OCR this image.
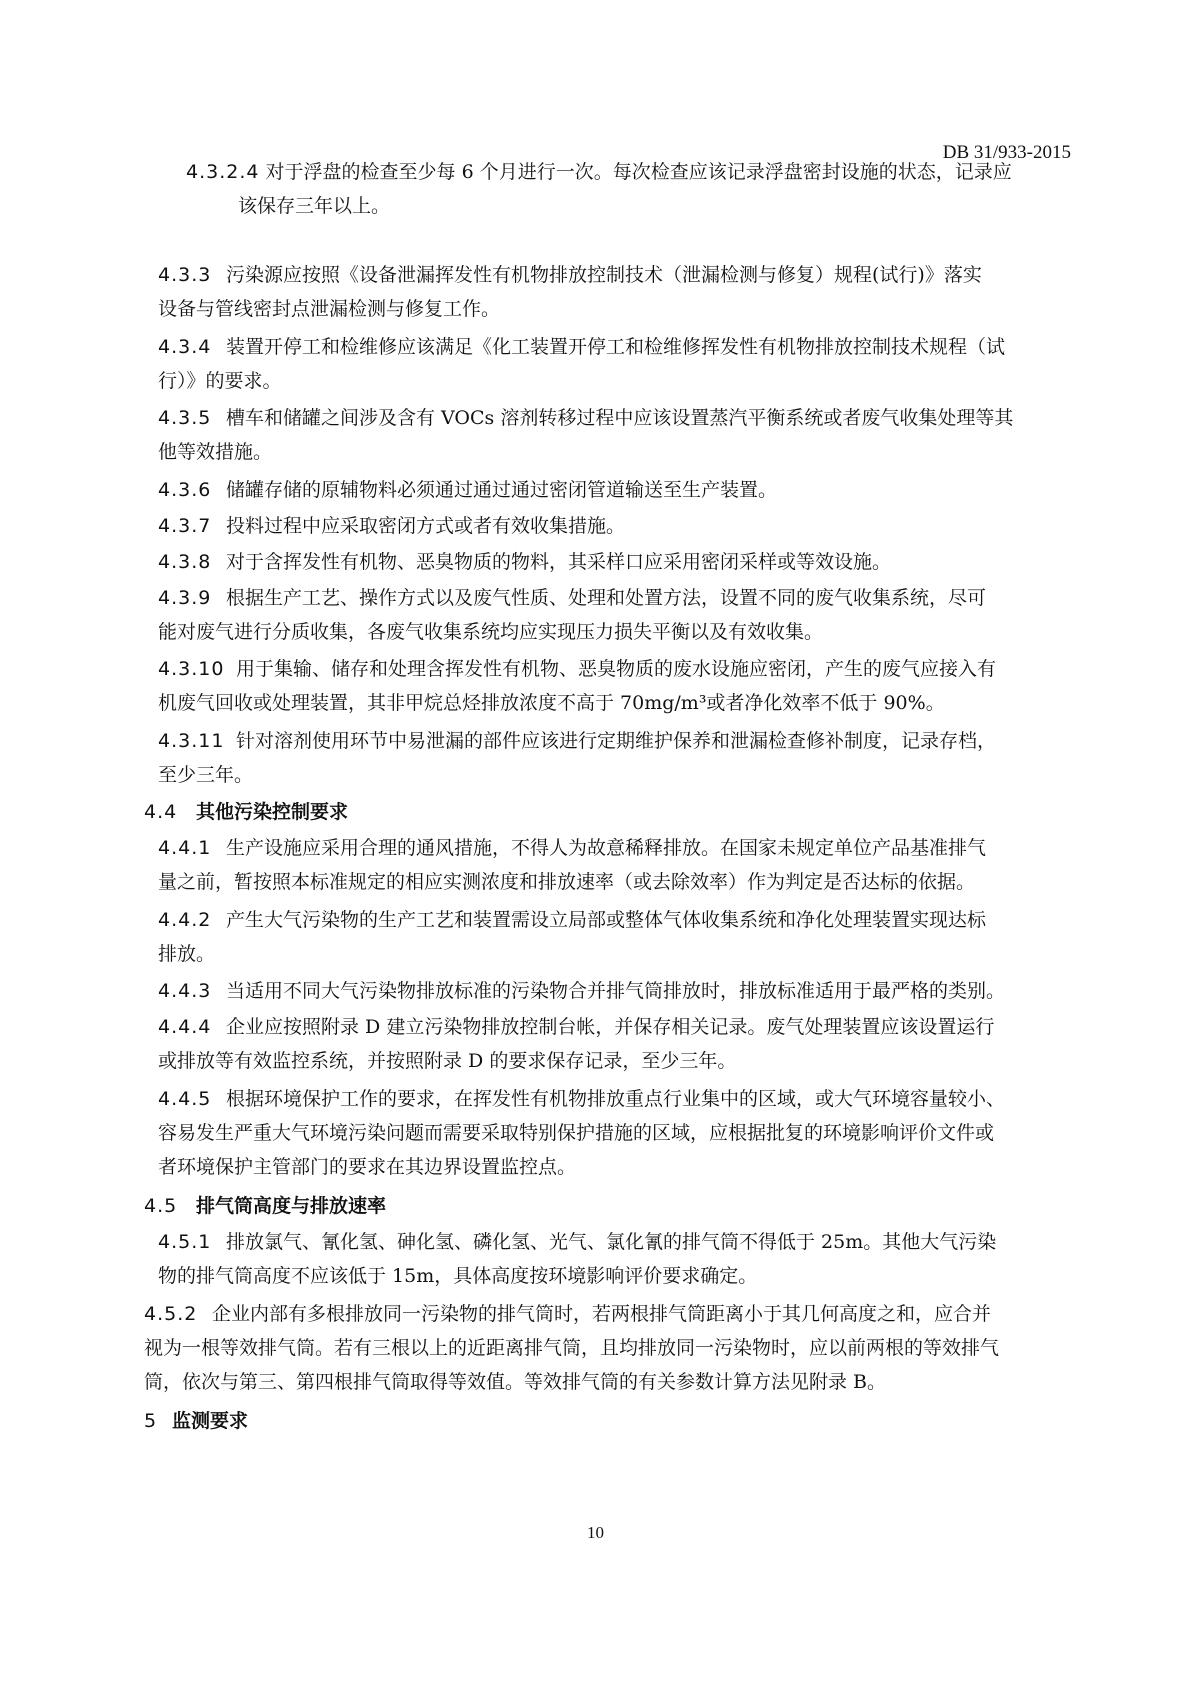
DB 31/933-2015
4.3.2.4 对于浮盘的检查至少每 6 个月进行一次。每次检查应该记录浮盘密封设施的状态，记录应
该保存三年以上。
4.3.3 污染源应按照《设备泄漏挥发性有机物排放控制技术（泄漏检测与修复）规程(试行)》落实
设备与管线密封点泄漏检测与修复工作。
4.3.4 装置开停工和检维修应该满足《化工装置开停工和检维修挥发性有机物排放控制技术规程（试
行）》的要求。
4.3.5 槽车和储罐之间涉及含有 VOCs 溶剂转移过程中应该设置蒸汽平衡系统或者废气收集处理等其
他等效措施。
4.3.6 储罐存储的原辅物料必须通过通过通过密闭管道输送至生产装置。
4.3.7 投料过程中应采取密闭方式或者有效收集措施。
4.3.8 对于含挥发性有机物、恶臭物质的物料，其采样口应采用密闭采样或等效设施。
4.3.9 根据生产工艺、操作方式以及废气性质、处理和处置方法，设置不同的废气收集系统，尽可
能对废气进行分质收集，各废气收集系统均应实现压力损失平衡以及有效收集。
4.3.10 用于集输、储存和处理含挥发性有机物、恶臭物质的废水设施应密闭，产生的废气应接入有
机废气回收或处理装置，其非甲烷总烃排放浓度不高于 70mg/m³或者净化效率不低于 90%。
4.3.11 针对溶剂使用环节中易泄漏的部件应该进行定期维护保养和泄漏检查修补制度，记录存档，
至少三年。
4.4 其他污染控制要求
4.4.1 生产设施应采用合理的通风措施，不得人为故意稀释排放。在国家未规定单位产品基准排气
量之前，暂按照本标准规定的相应实测浓度和排放速率（或去除效率）作为判定是否达标的依据。
4.4.2 产生大气污染物的生产工艺和装置需设立局部或整体气体收集系统和净化处理装置实现达标
排放。
4.4.3 当适用不同大气污染物排放标准的污染物合并排气筒排放时，排放标准适用于最严格的类别。
4.4.4 企业应按照附录 D 建立污染物排放控制台帐，并保存相关记录。废气处理装置应该设置运行
或排放等有效监控系统，并按照附录 D 的要求保存记录，至少三年。
4.4.5 根据环境保护工作的要求，在挥发性有机物排放重点行业集中的区域，或大气环境容量较小、
容易发生严重大气环境污染问题而需要采取特别保护措施的区域，应根据批复的环境影响评价文件或
者环境保护主管部门的要求在其边界设置监控点。
4.5 排气筒高度与排放速率
4.5.1 排放氯气、氰化氢、砷化氢、磷化氢、光气、氯化氰的排气筒不得低于 25m。其他大气污染
物的排气筒高度不应该低于 15m，具体高度按环境影响评价要求确定。
4.5.2 企业内部有多根排放同一污染物的排气筒时，若两根排气筒距离小于其几何高度之和，应合并
视为一根等效排气筒。若有三根以上的近距离排气筒，且均排放同一污染物时，应以前两根的等效排气
筒，依次与第三、第四根排气筒取得等效值。等效排气筒的有关参数计算方法见附录 B。
5 监测要求
10
